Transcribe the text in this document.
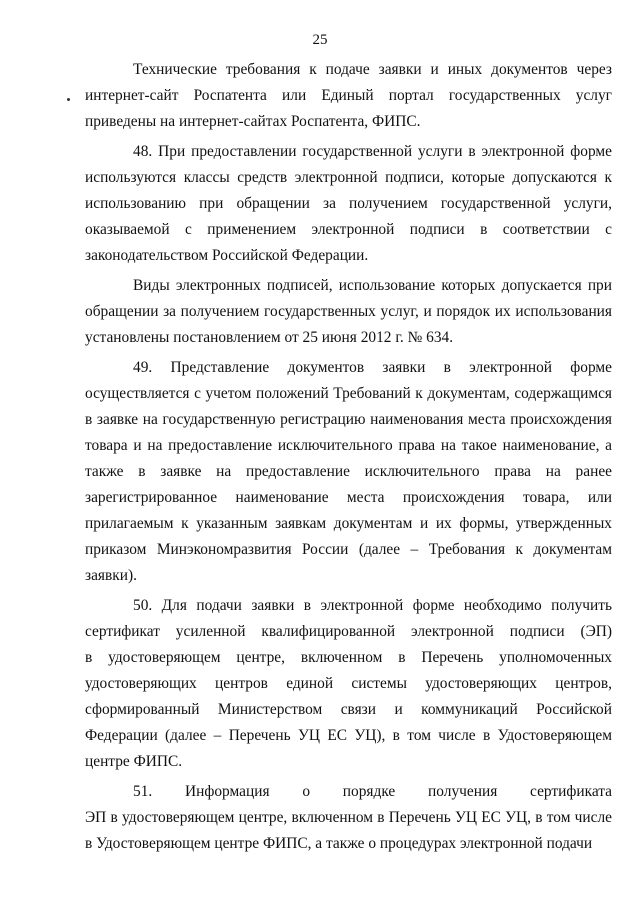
25
Технические требования к подаче заявки и иных документов через
интернет-сайт Роспатента или Единый портал государственных услуг
приведены на интернет-сайтах Роспатента, ФИПС.
48. При предоставлении государственной услуги в электронной форме
используются классы средств электронной подписи, которые допускаются к
использованию при обращении за получением государственной услуги,
оказываемой с применением электронной подписи в соответствии с
законодательством Российской Федерации.
Виды электронных подписей, использование которых допускается при
обращении за получением государственных услуг, и порядок их использования
установлены постановлением от 25 июня 2012 г. № 634.
49. Представление документов заявки в электронной форме
осуществляется с учетом положений Требований к документам, содержащимся
в заявке на государственную регистрацию наименования места происхождения
товара и на предоставление исключительного права на такое наименование, а
также в заявке на предоставление исключительного права на ранее
зарегистрированное наименование места происхождения товара, или
прилагаемым к указанным заявкам документам и их формы, утвержденных
приказом Минэкономразвития России (далее – Требования к документам
заявки).
50. Для подачи заявки в электронной форме необходимо получить
сертификат усиленной квалифицированной электронной подписи (ЭП)
в удостоверяющем центре, включенном в Перечень уполномоченных
удостоверяющих центров единой системы удостоверяющих центров,
сформированный Министерством связи и коммуникаций Российской
Федерации (далее – Перечень УЦ ЕС УЦ), в том числе в Удостоверяющем
центре ФИПС.
51. Информация о порядке получения сертификата
ЭП в удостоверяющем центре, включенном в Перечень УЦ ЕС УЦ, в том числе
в Удостоверяющем центре ФИПС, а также о процедурах электронной подачи
